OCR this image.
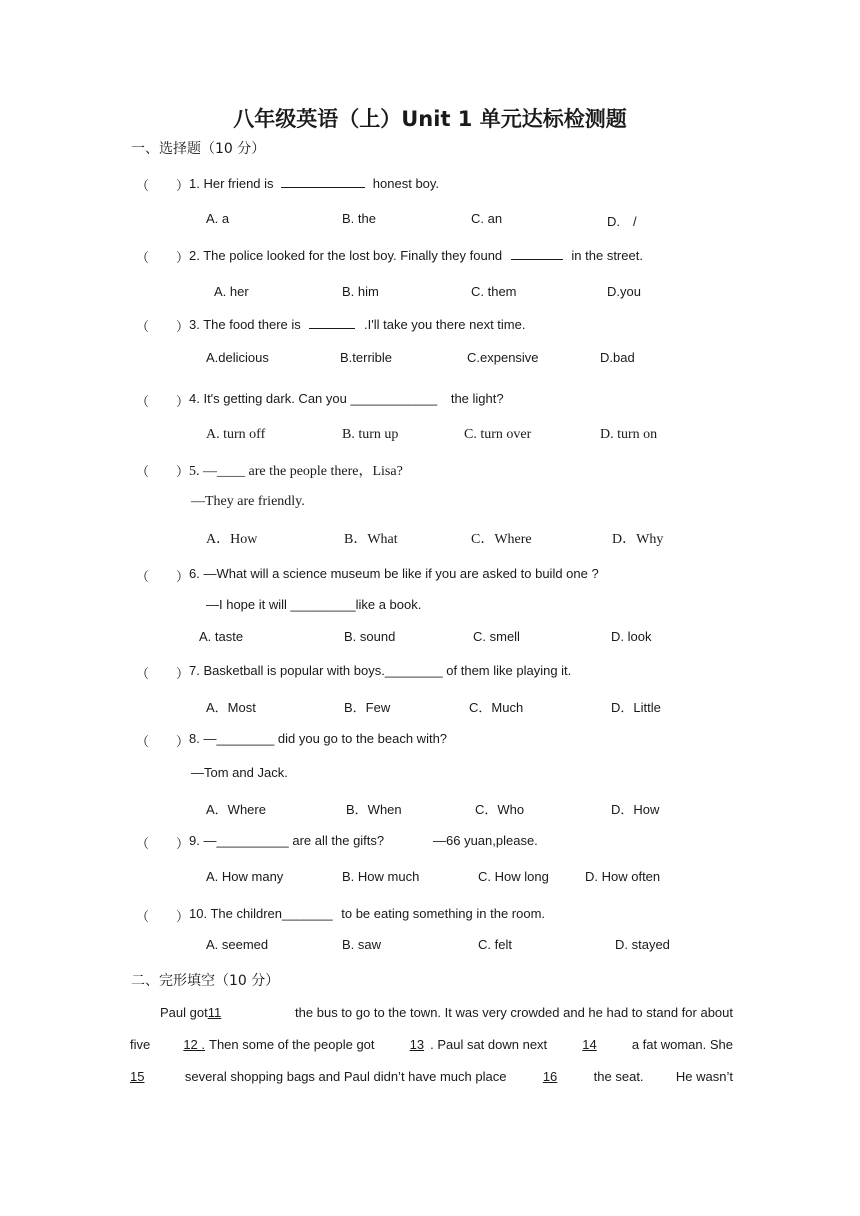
八年级英语（上）Unit 1 单元达标检测题
一、选择题（10 分）
（ ） 1. Her friend is	honest boy.
A. a	B. the	C. an	D.　/
（ ） 2. The police looked for the lost boy. Finally they found	in the street.
A. her	B. him	C. them	D.you
（ ） 3. The food there is	.I'll take you there next time.
A.delicious	B.terrible	C.expensive	D.bad
（ ） 4. It's getting dark. Can you ____________ the light?
A. turn off	B. turn up	C. turn over	D. turn on
（ ） 5. —____ are the people there，Lisa?
—They are friendly.
A．How	B．What	C．Where	D．Why
（ ） 6. —What will a science museum be like if you are asked to build one ?
—I hope it will _________like a book.
A. taste	B. sound	C. smell	D. look
（ ） 7. Basketball is popular with boys.________ of them like playing it.
A．Most	B．Few	C．Much	D．Little
（ ） 8. —________ did you go to the beach with?
—Tom and Jack.
A．Where	B．When	C．Who	D．How
（ ） 9. —__________ are all the gifts?	—66 yuan,please.
A. How many	B. How much	C. How long	D. How often
（ ） 10. The children_______ to be eating something in the room.
A. seemed	B. saw	C. felt	D. stayed
二、完形填空（10 分）
Paul got11	the bus to go to the town. It was very crowded and he had to stand for about
five	12 . Then some of the people got	13 . Paul sat down next	14	a fat woman. She
15	several shopping bags and Paul didn’t have much place	16	the seat. He wasn’t
